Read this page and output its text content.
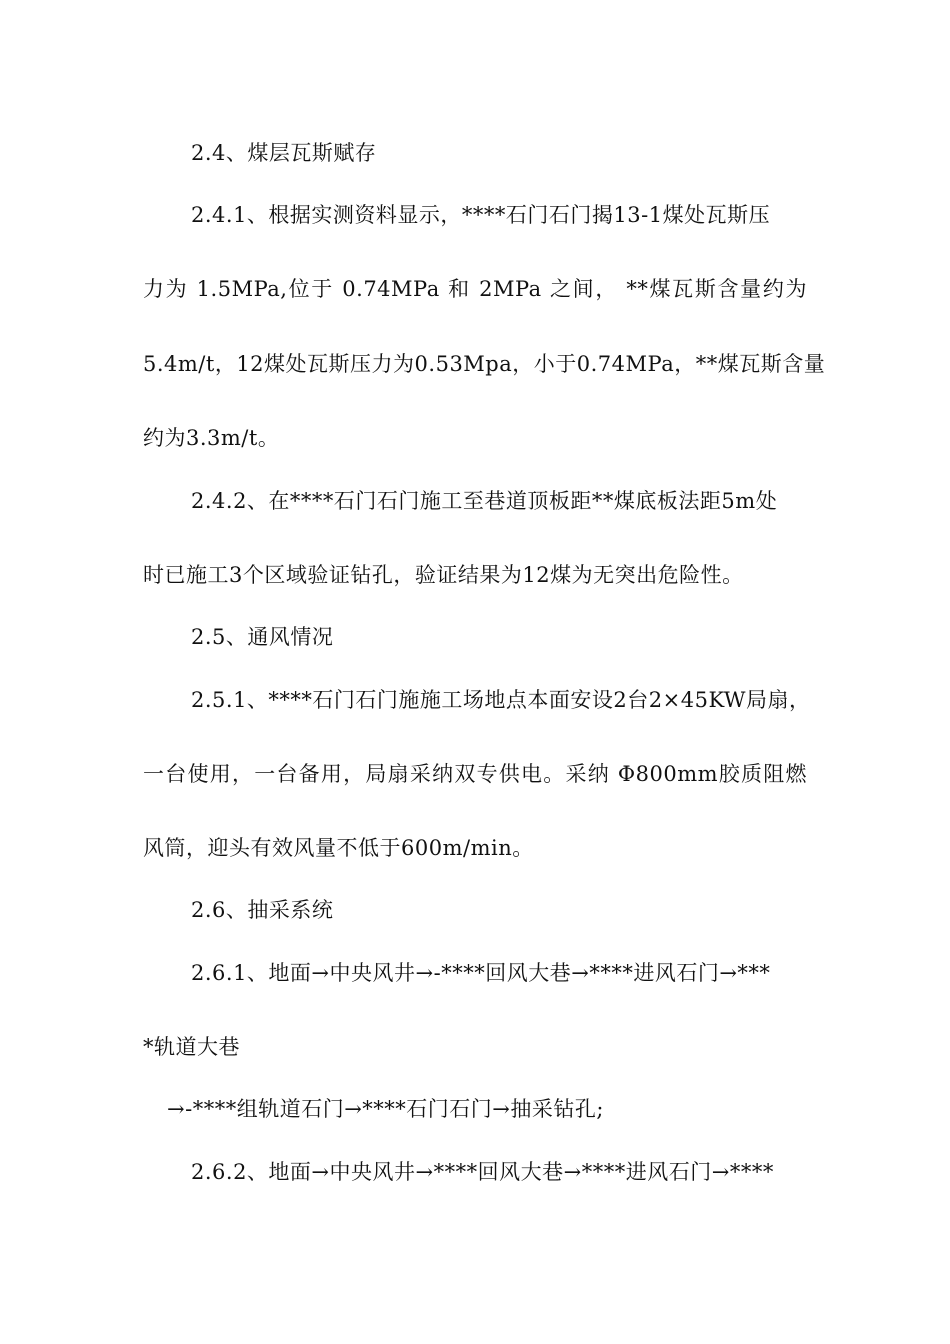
2.4、煤层瓦斯赋存
2.4.1、根据实测资料显示，****石门石门揭13-1煤处瓦斯压
力为 1.5MPa,位于 0.74MPa 和 2MPa 之间， **煤瓦斯含量约为
5.4m/t，12煤处瓦斯压力为0.53Mpa，小于0.74MPa，**煤瓦斯含量
约为3.3m/t。
2.4.2、在****石门石门施工至巷道顶板距**煤底板法距5m处
时已施工3个区域验证钻孔，验证结果为12煤为无突出危险性。
2.5、通风情况
2.5.1、****石门石门施施工场地点本面安设2台2×45KW局扇，
一台使用，一台备用，局扇采纳双专供电。采纳 Φ800mm胶质阻燃
风筒，迎头有效风量不低于600m/min。
2.6、抽采系统
2.6.1、地面→中央风井→-****回风大巷→****进风石门→***
*轨道大巷
→-****组轨道石门→****石门石门→抽采钻孔;
2.6.2、地面→中央风井→****回风大巷→****进风石门→****
